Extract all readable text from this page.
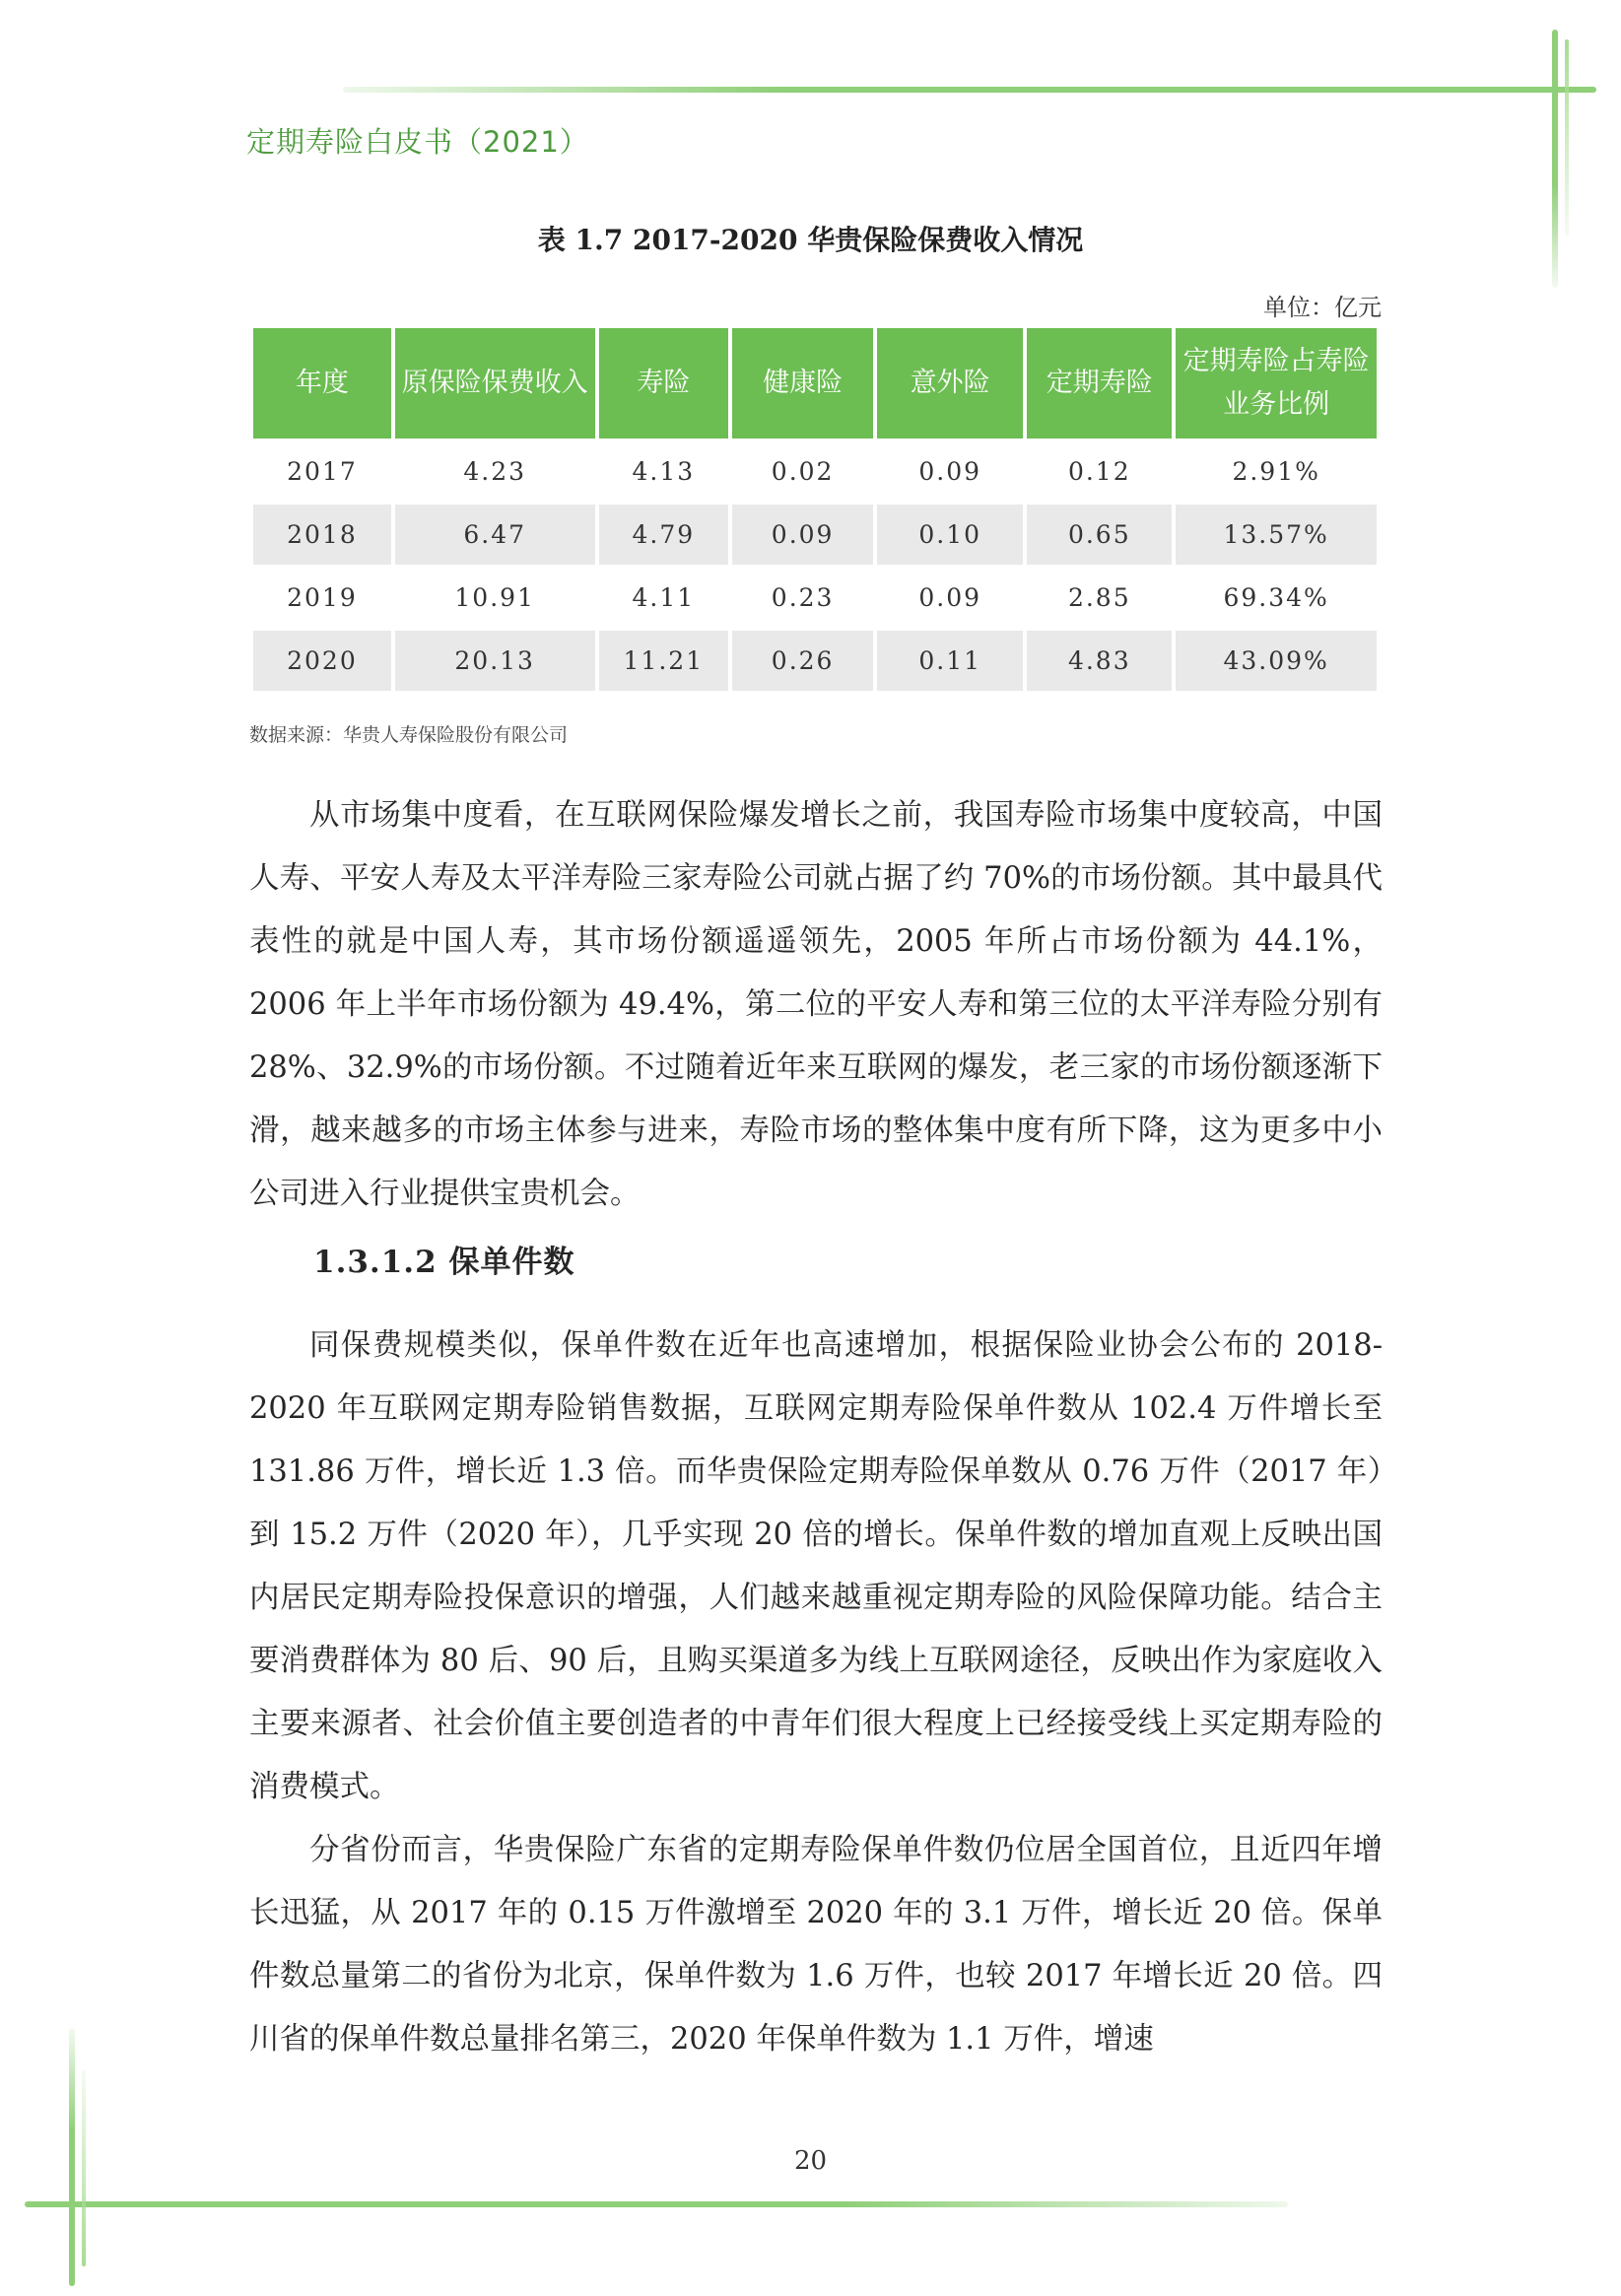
定期寿险白皮书（2021）
表 1.7 2017-2020 华贵保险保费收入情况
单位：亿元
年度	原保险保费收入	寿险	健康险	意外险	定期寿险	定期寿险占寿险业务比例
2017	4.23	4.13	0.02	0.09	0.12	2.91%
2018	6.47	4.79	0.09	0.10	0.65	13.57%
2019	10.91	4.11	0.23	0.09	2.85	69.34%
2020	20.13	11.21	0.26	0.11	4.83	43.09%
数据来源：华贵人寿保险股份有限公司

从市场集中度看，在互联网保险爆发增长之前，我国寿险市场集中度较高，中国人寿、平安人寿及太平洋寿险三家寿险公司就占据了约 70%的市场份额。其中最具代表性的就是中国人寿，其市场份额遥遥领先，2005 年所占市场份额为 44.1%，2006 年上半年市场份额为 49.4%，第二位的平安人寿和第三位的太平洋寿险分别有 28%、32.9%的市场份额。不过随着近年来互联网的爆发，老三家的市场份额逐渐下滑，越来越多的市场主体参与进来，寿险市场的整体集中度有所下降，这为更多中小公司进入行业提供宝贵机会。

1.3.1.2 保单件数

同保费规模类似，保单件数在近年也高速增加，根据保险业协会公布的 2018-2020 年互联网定期寿险销售数据，互联网定期寿险保单件数从 102.4 万件增长至 131.86 万件，增长近 1.3 倍。而华贵保险定期寿险保单数从 0.76 万件（2017 年）到 15.2 万件（2020 年），几乎实现 20 倍的增长。保单件数的增加直观上反映出国内居民定期寿险投保意识的增强，人们越来越重视定期寿险的风险保障功能。结合主要消费群体为 80 后、90 后，且购买渠道多为线上互联网途径，反映出作为家庭收入主要来源者、社会价值主要创造者的中青年们很大程度上已经接受线上买定期寿险的消费模式。

分省份而言，华贵保险广东省的定期寿险保单件数仍位居全国首位，且近四年增长迅猛，从 2017 年的 0.15 万件激增至 2020 年的 3.1 万件，增长近 20 倍。保单件数总量第二的省份为北京，保单件数为 1.6 万件，也较 2017 年增长近 20 倍。四川省的保单件数总量排名第三，2020 年保单件数为 1.1 万件，增速

20
